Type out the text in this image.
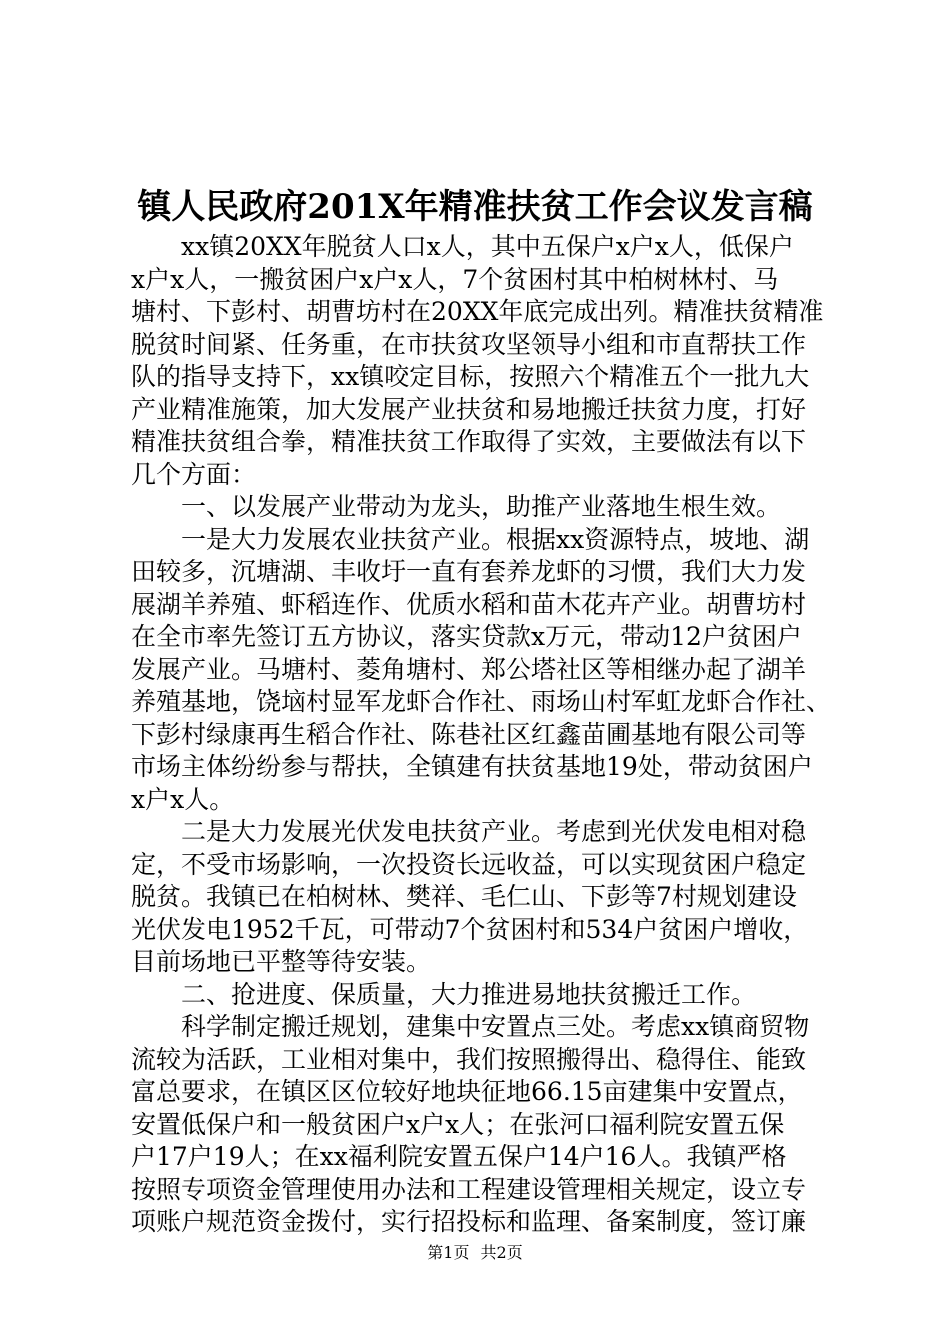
镇人民政府201X年精准扶贫工作会议发言稿
　　xx镇20XX年脱贫人口x人，其中五保户x户x人，低保户
x户x人，一搬贫困户x户x人，7个贫困村其中柏树林村、马
塘村、下彭村、胡曹坊村在20XX年底完成出列。精准扶贫精准
脱贫时间紧、任务重，在市扶贫攻坚领导小组和市直帮扶工作
队的指导支持下，xx镇咬定目标，按照六个精准五个一批九大
产业精准施策，加大发展产业扶贫和易地搬迁扶贫力度，打好
精准扶贫组合拳，精准扶贫工作取得了实效，主要做法有以下
几个方面：
　　一、以发展产业带动为龙头，助推产业落地生根生效。
　　一是大力发展农业扶贫产业。根据xx资源特点，坡地、湖
田较多，沉塘湖、丰收圩一直有套养龙虾的习惯，我们大力发
展湖羊养殖、虾稻连作、优质水稻和苗木花卉产业。胡曹坊村
在全市率先签订五方协议，落实贷款x万元，带动12户贫困户
发展产业。马塘村、菱角塘村、郑公塔社区等相继办起了湖羊
养殖基地，饶垴村显军龙虾合作社、雨场山村军虹龙虾合作社、
下彭村绿康再生稻合作社、陈巷社区红鑫苗圃基地有限公司等
市场主体纷纷参与帮扶，全镇建有扶贫基地19处，带动贫困户
x户x人。
　　二是大力发展光伏发电扶贫产业。考虑到光伏发电相对稳
定，不受市场影响，一次投资长远收益，可以实现贫困户稳定
脱贫。我镇已在柏树林、樊祥、毛仁山、下彭等7村规划建设
光伏发电1952千瓦，可带动7个贫困村和534户贫困户增收，
目前场地已平整等待安装。
　　二、抢进度、保质量，大力推进易地扶贫搬迁工作。
　　科学制定搬迁规划，建集中安置点三处。考虑xx镇商贸物
流较为活跃，工业相对集中，我们按照搬得出、稳得住、能致
富总要求，在镇区区位较好地块征地66.15亩建集中安置点，
安置低保户和一般贫困户x户x人；在张河口福利院安置五保
户17户19人；在xx福利院安置五保户14户16人。我镇严格
按照专项资金管理使用办法和工程建设管理相关规定，设立专
项账户规范资金拨付，实行招投标和监理、备案制度，签订廉
第1页 共2页
